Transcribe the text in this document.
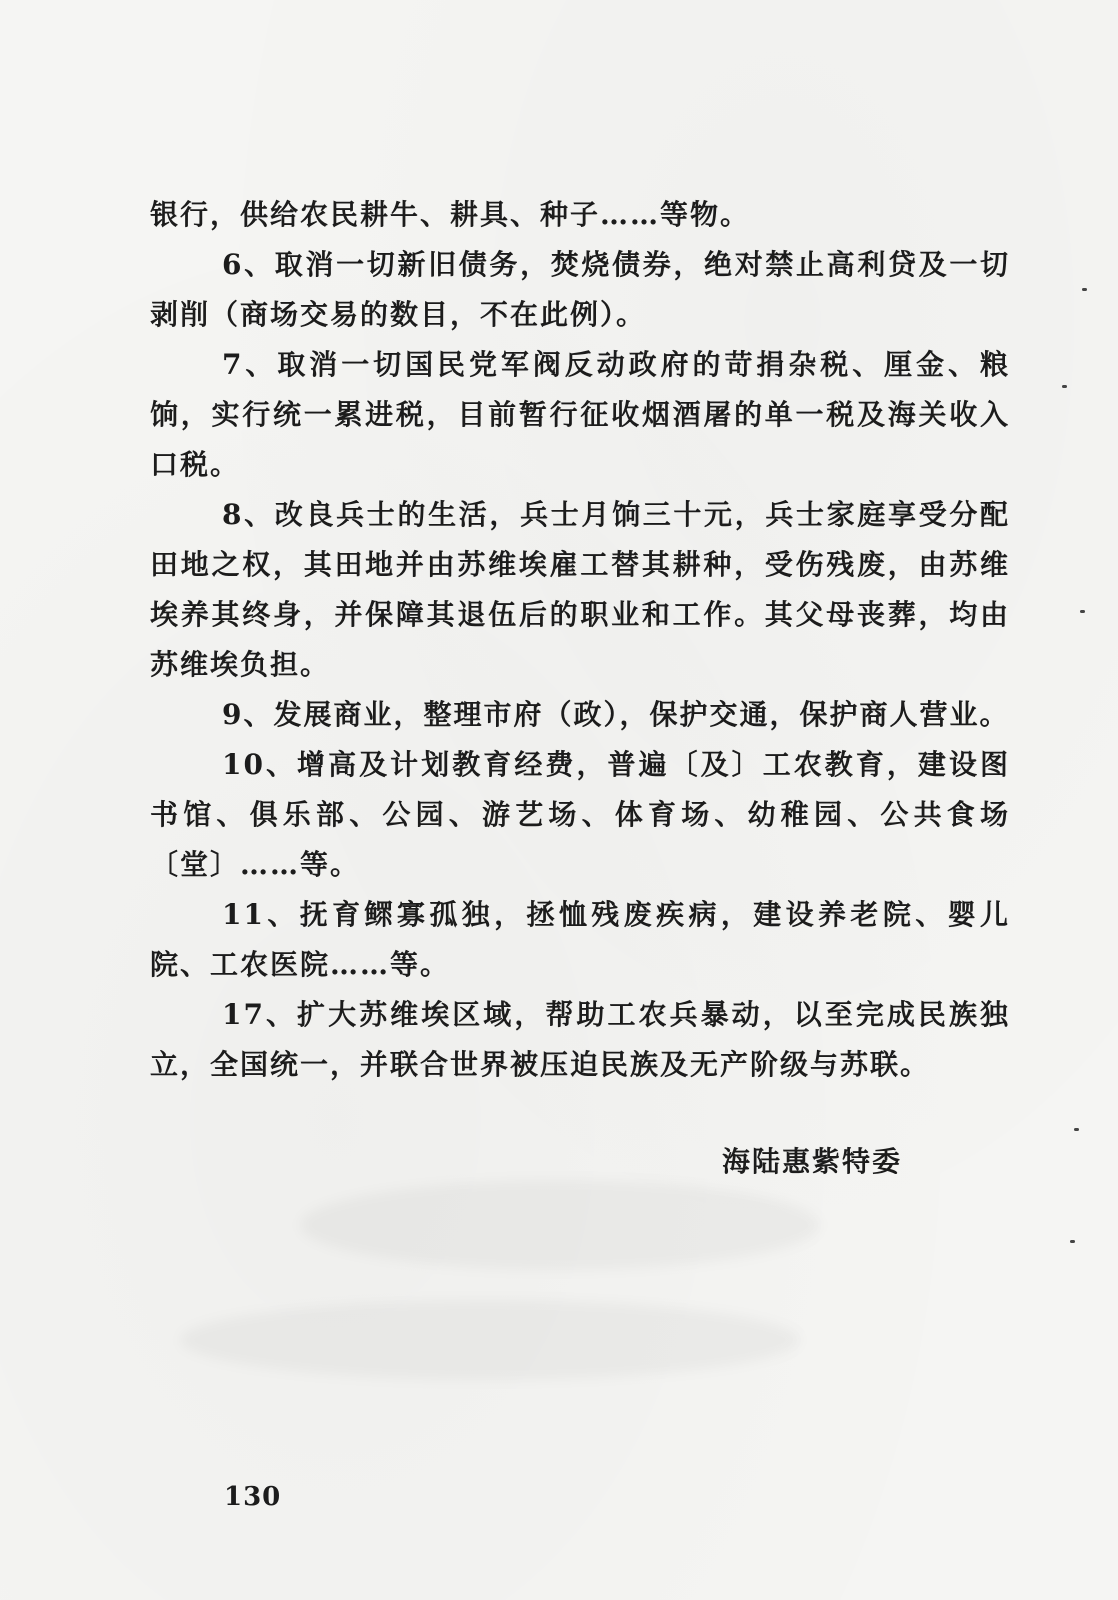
银行，供给农民耕牛、耕具、种子……等物。

6、取消一切新旧债务，焚烧债券，绝对禁止高利贷及一切剥削（商场交易的数目，不在此例）。

7、取消一切国民党军阀反动政府的苛捐杂税、厘金、粮饷，实行统一累进税，目前暂行征收烟酒屠的单一税及海关收入口税。

8、改良兵士的生活，兵士月饷三十元，兵士家庭享受分配田地之权，其田地并由苏维埃雇工替其耕种，受伤残废，由苏维埃养其终身，并保障其退伍后的职业和工作。其父母丧葬，均由苏维埃负担。

9、发展商业，整理市府（政），保护交通，保护商人营业。

10、增高及计划教育经费，普遍〔及〕工农教育，建设图书馆、俱乐部、公园、游艺场、体育场、幼稚园、公共食场〔堂〕……等。

11、抚育鳏寡孤独，拯恤残废疾病，建设养老院、婴儿院、工农医院……等。

17、扩大苏维埃区域，帮助工农兵暴动，以至完成民族独立，全国统一，并联合世界被压迫民族及无产阶级与苏联。

海陆惠紫特委
130
